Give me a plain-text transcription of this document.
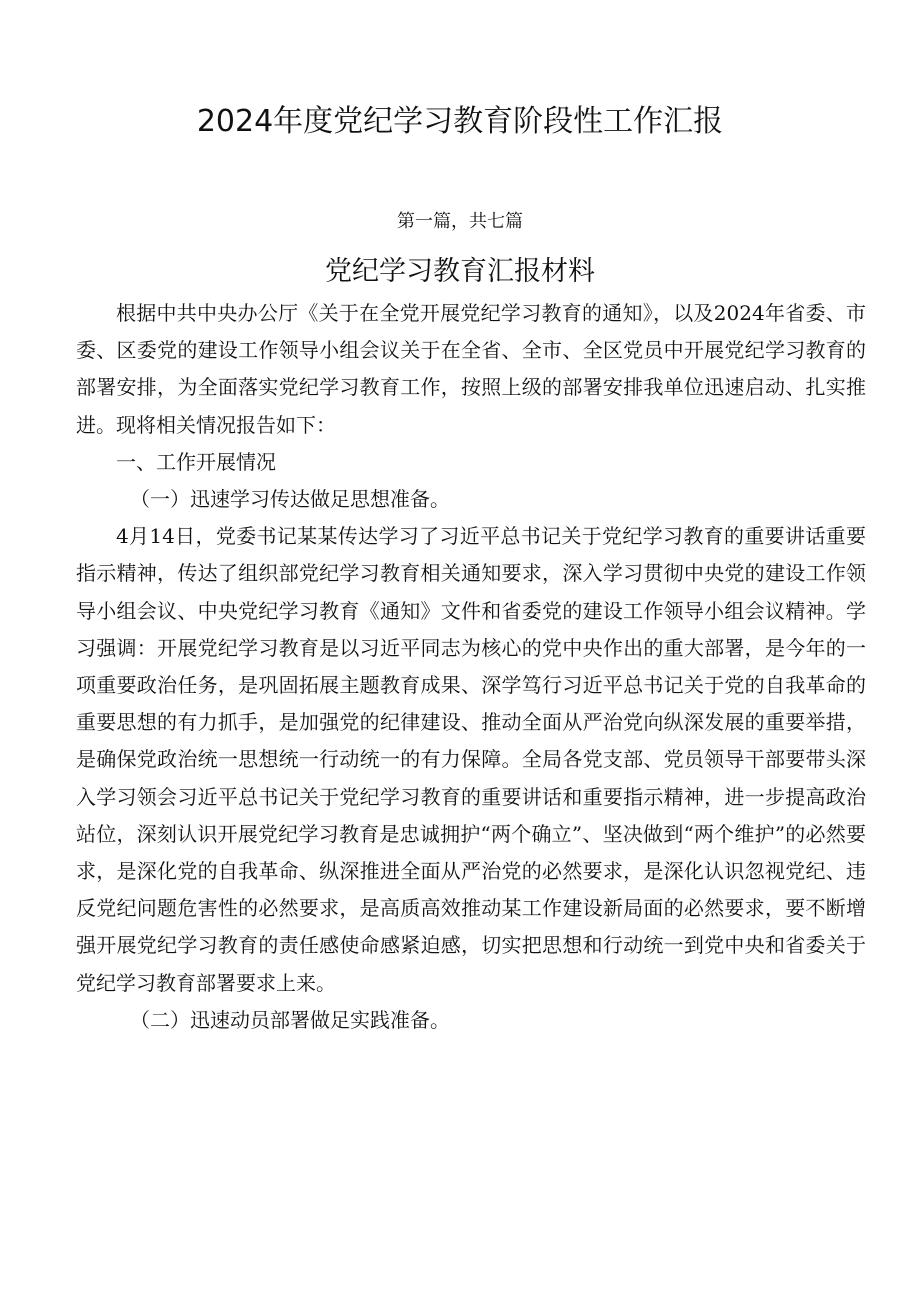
2024年度党纪学习教育阶段性工作汇报
第一篇，共七篇
党纪学习教育汇报材料

根据中共中央办公厅《关于在全党开展党纪学习教育的通知》，以及2024年省委、市委、区委党的建设工作领导小组会议关于在全省、全市、全区党员中开展党纪学习教育的部署安排，为全面落实党纪学习教育工作，按照上级的部署安排我单位迅速启动、扎实推进。现将相关情况报告如下：

一、工作开展情况

（一）迅速学习传达做足思想准备。

4月14日，党委书记某某传达学习了习近平总书记关于党纪学习教育的重要讲话重要指示精神，传达了组织部党纪学习教育相关通知要求，深入学习贯彻中央党的建设工作领导小组会议、中央党纪学习教育《通知》文件和省委党的建设工作领导小组会议精神。学习强调：开展党纪学习教育是以习近平同志为核心的党中央作出的重大部署，是今年的一项重要政治任务，是巩固拓展主题教育成果、深学笃行习近平总书记关于党的自我革命的重要思想的有力抓手，是加强党的纪律建设、推动全面从严治党向纵深发展的重要举措，是确保党政治统一思想统一行动统一的有力保障。全局各党支部、党员领导干部要带头深入学习领会习近平总书记关于党纪学习教育的重要讲话和重要指示精神，进一步提高政治站位，深刻认识开展党纪学习教育是忠诚拥护“两个确立”、坚决做到“两个维护”的必然要求，是深化党的自我革命、纵深推进全面从严治党的必然要求，是深化认识忽视党纪、违反党纪问题危害性的必然要求，是高质高效推动某工作建设新局面的必然要求，要不断增强开展党纪学习教育的责任感使命感紧迫感，切实把思想和行动统一到党中央和省委关于党纪学习教育部署要求上来。

（二）迅速动员部署做足实践准备。
